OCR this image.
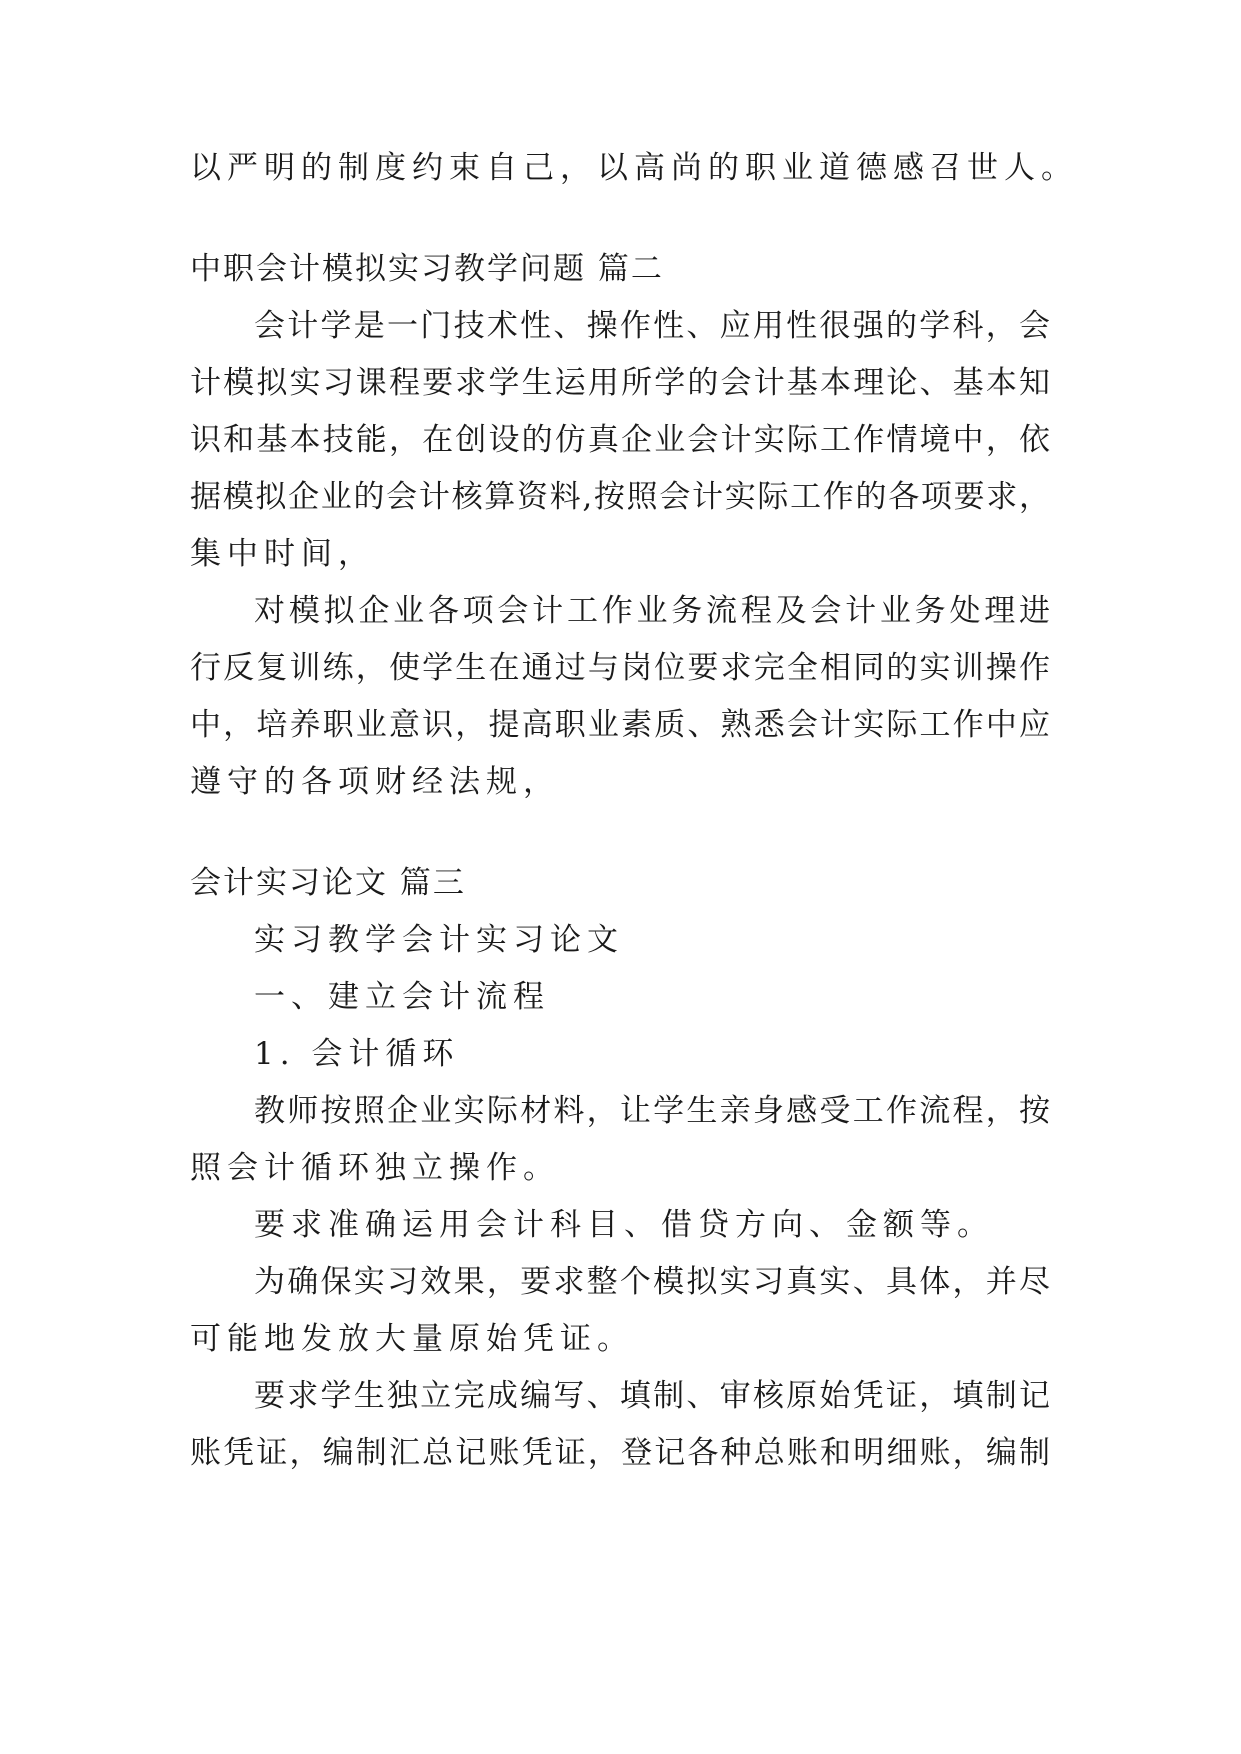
以严明的制度约束自己，以高尚的职业道德感召世人。

中职会计模拟实习教学问题 篇二

会计学是一门技术性、操作性、应用性很强的学科，会

计模拟实习课程要求学生运用所学的会计基本理论、基本知

识和基本技能，在创设的仿真企业会计实际工作情境中，依

据模拟企业的会计核算资料,按照会计实际工作的各项要求，

集中时间，

对模拟企业各项会计工作业务流程及会计业务处理进

行反复训练，使学生在通过与岗位要求完全相同的实训操作

中，培养职业意识，提高职业素质、熟悉会计实际工作中应

遵守的各项财经法规，

会计实习论文 篇三

实习教学会计实习论文

一、建立会计流程

1. 会计循环

教师按照企业实际材料，让学生亲身感受工作流程，按

照会计循环独立操作。

要求准确运用会计科目、借贷方向、金额等。

为确保实习效果，要求整个模拟实习真实、具体，并尽

可能地发放大量原始凭证。

要求学生独立完成编写、填制、审核原始凭证，填制记

账凭证，编制汇总记账凭证，登记各种总账和明细账，编制
